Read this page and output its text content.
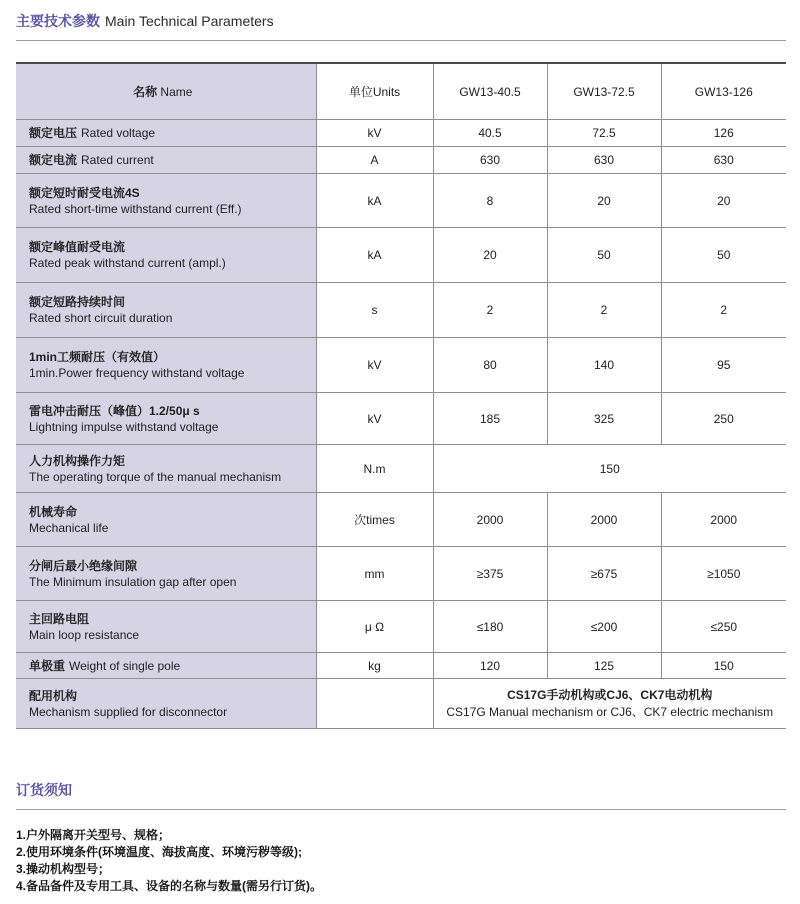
主要技术参数 Main Technical Parameters
名称 Name	单位Units	GW13-40.5	GW13-72.5	GW13-126
额定电压 Rated voltage	kV	40.5	72.5	126
额定电流 Rated current	A	630	630	630

额定短时耐受电流4S
Rated short-time withstand current (Eff.)	kA	8	20	20

额定峰值耐受电流
Rated peak withstand current (ampl.)	kA	20	50	50

额定短路持续时间
Rated short circuit duration	s	2	2	2

1min工频耐压（有效值）
1min.Power frequency withstand voltage	kV	80	140	95

雷电冲击耐压（峰值）1.2/50μ s
Lightning impulse withstand voltage	kV	185	325	250

人力机构操作力矩
The operating torque of the manual mechanism	N.m	150		

机械寿命
Mechanical life	次times	2000	2000	2000

分闸后最小绝缘间隙
The Minimum insulation gap after open	mm	≥375	≥675	≥1050

主回路电阻
Main loop resistance	μ Ω	≤180	≤200	≤250
单极重 Weight of single pole	kg	120	125	150

配用机构
Mechanism supplied for disconnector		CS17G手动机构或CJ6、CK7电动机构
CS17G Manual mechanism or CJ6、CK7 electric mechanism		
订货须知
1.户外隔离开关型号、规格；
2.使用环境条件(环境温度、海拔高度、环境污秽等级);
3.操动机构型号；
4.备品备件及专用工具、设备的名称与数量(需另行订货)。
